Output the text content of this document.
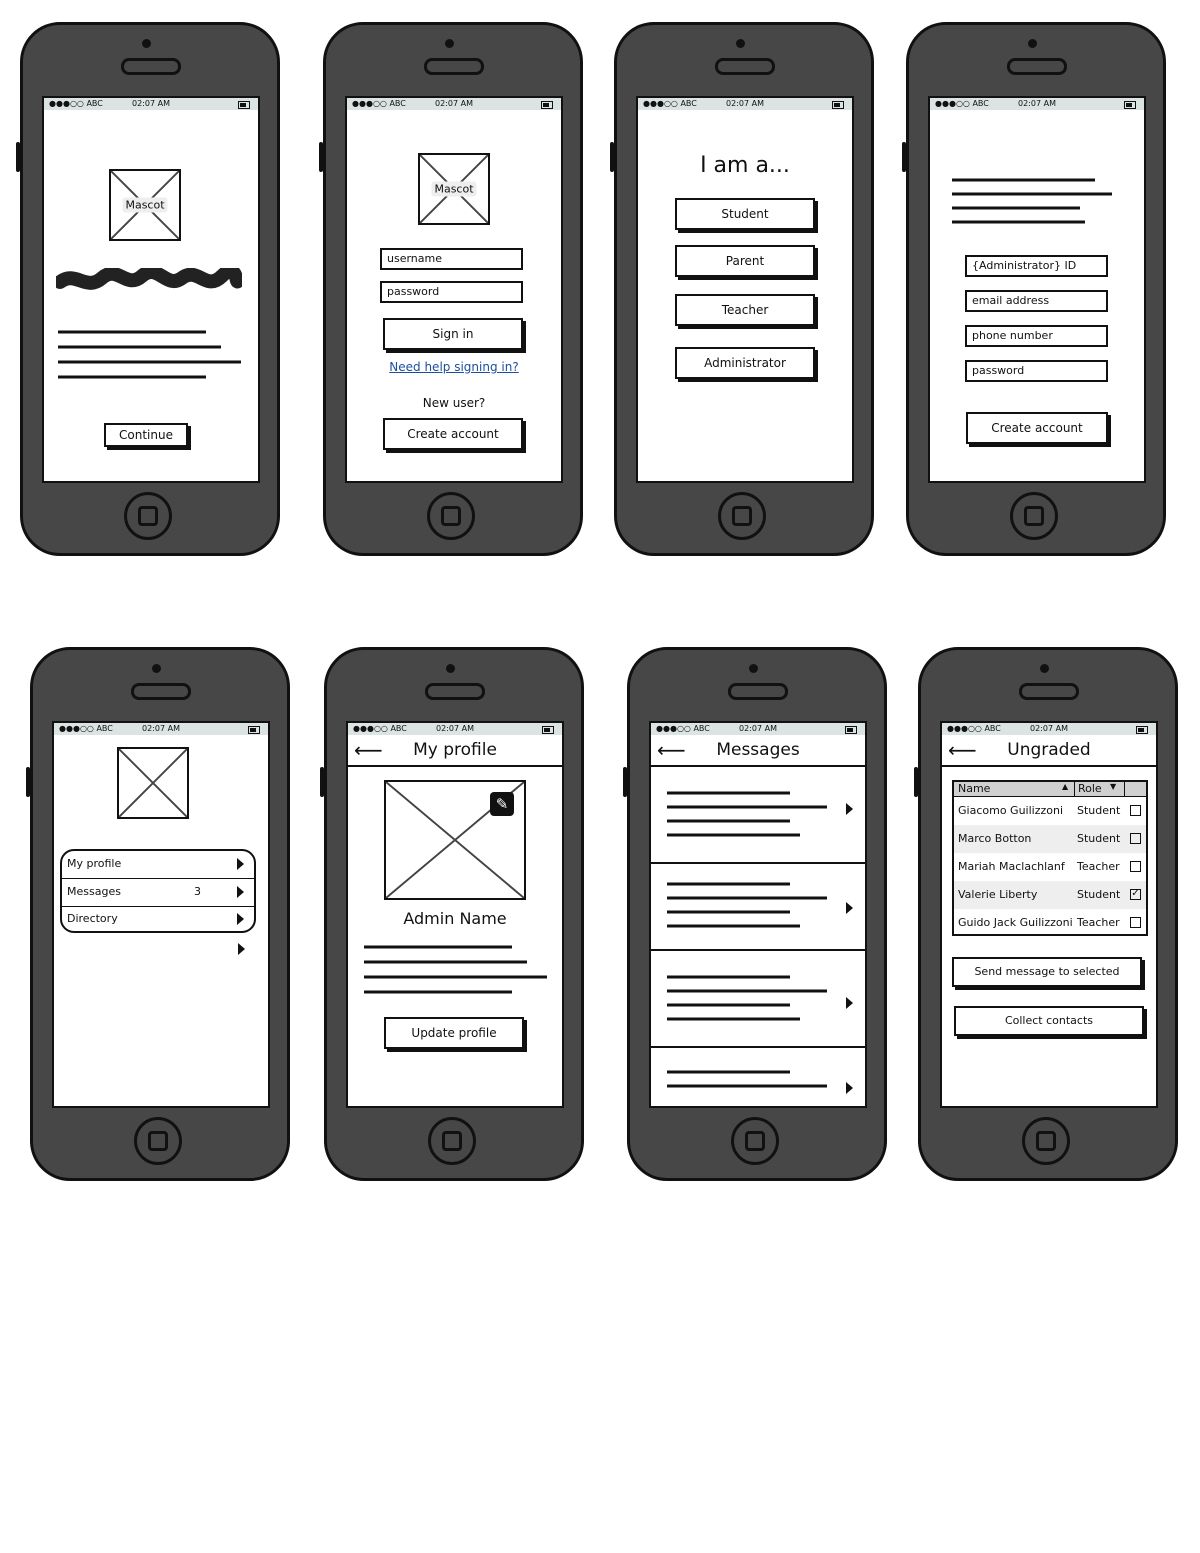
●●●○○ ABC	02:07 AM
Mascot
Continue
●●●○○ ABC	02:07 AM
Mascot
username
password
Sign in
Need help signing in?
New user?
Create account
●●●○○ ABC	02:07 AM
I am a...
Student
Parent
Teacher
Administrator
●●●○○ ABC	02:07 AM
{Administrator} ID
email address
phone number
password
Create account
●●●○○ ABC	02:07 AM
My profile
Messages	3
Directory
●●●○○ ABC	02:07 AM
⟵	My profile
✎
Admin Name
Update profile
●●●○○ ABC	02:07 AM
⟵	Messages
●●●○○ ABC	02:07 AM
⟵	Ungraded
Name	▲ Role ▼
Giacomo Guilizzoni	Student
Marco Botton	Student
Mariah Maclachlanf	Teacher
Valerie Liberty	Student ✓
Guido Jack Guilizzoni Teacher
Send message to selected
Collect contacts
